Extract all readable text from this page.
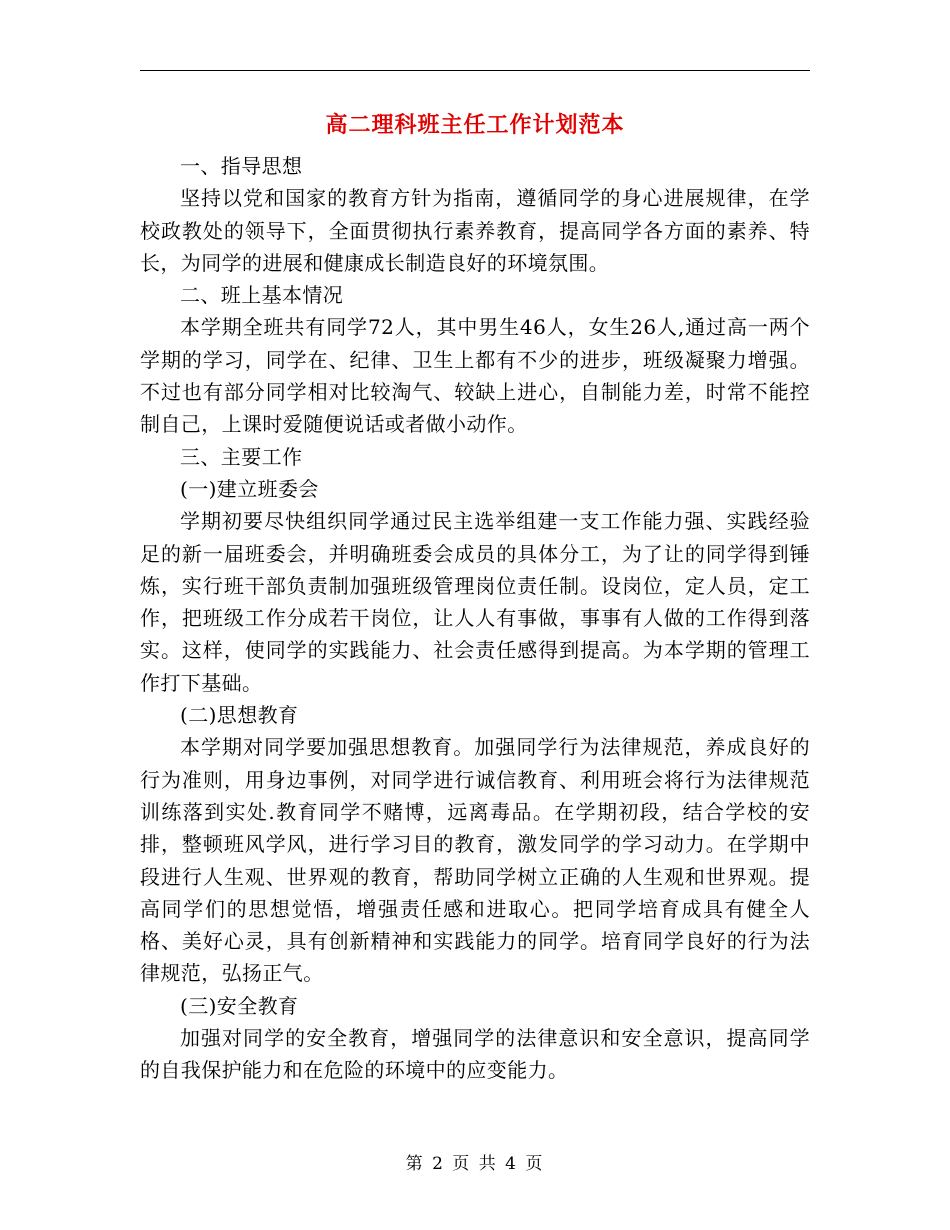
高二理科班主任工作计划范本

一、指导思想

坚持以党和国家的教育方针为指南，遵循同学的身心进展规律，在学校政教处的领导下，全面贯彻执行素养教育，提高同学各方面的素养、特长，为同学的进展和健康成长制造良好的环境氛围。

二、班上基本情况

本学期全班共有同学72人，其中男生46人，女生26人,通过高一两个学期的学习，同学在、纪律、卫生上都有不少的进步，班级凝聚力增强。不过也有部分同学相对比较淘气、较缺上进心，自制能力差，时常不能控制自己，上课时爱随便说话或者做小动作。

三、主要工作

(一)建立班委会

学期初要尽快组织同学通过民主选举组建一支工作能力强、实践经验足的新一届班委会，并明确班委会成员的具体分工，为了让的同学得到锤炼，实行班干部负责制加强班级管理岗位责任制。设岗位，定人员，定工作，把班级工作分成若干岗位，让人人有事做，事事有人做的工作得到落实。这样，使同学的实践能力、社会责任感得到提高。为本学期的管理工作打下基础。

(二)思想教育

本学期对同学要加强思想教育。加强同学行为法律规范，养成良好的行为准则，用身边事例，对同学进行诚信教育、利用班会将行为法律规范训练落到实处.教育同学不赌博，远离毒品。在学期初段，结合学校的安排，整顿班风学风，进行学习目的教育，激发同学的学习动力。在学期中段进行人生观、世界观的教育，帮助同学树立正确的人生观和世界观。提高同学们的思想觉悟，增强责任感和进取心。把同学培育成具有健全人格、美好心灵，具有创新精神和实践能力的同学。培育同学良好的行为法律规范，弘扬正气。

(三)安全教育

加强对同学的安全教育，增强同学的法律意识和安全意识，提高同学的自我保护能力和在危险的环境中的应变能力。

第 2 页 共 4 页
